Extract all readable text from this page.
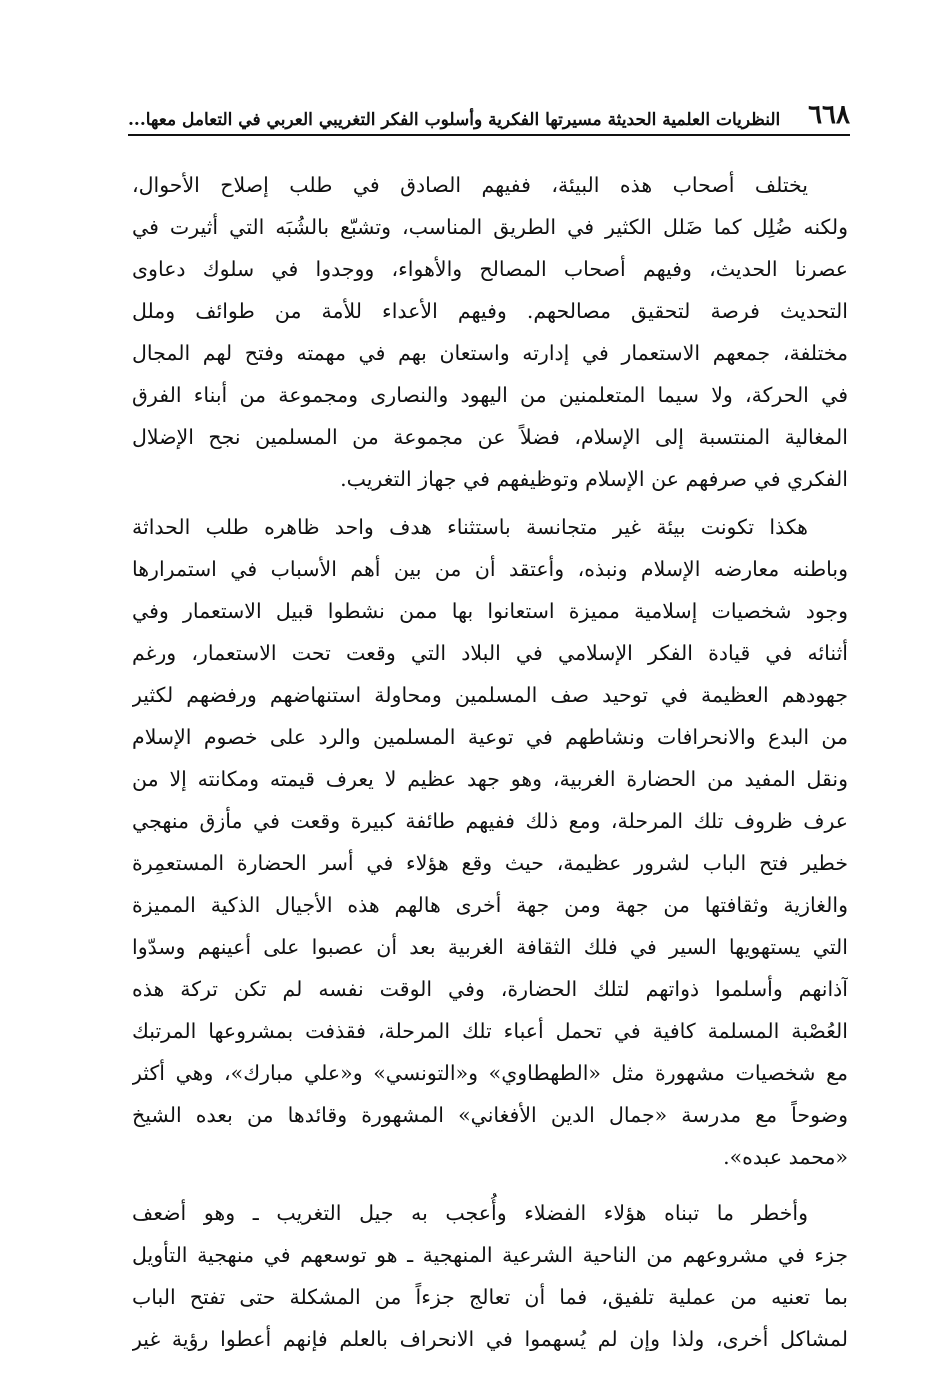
٦٦٨
النظريات العلمية الحديثة مسيرتها الفكرية وأسلوب الفكر التغريبي العربي في التعامل معها...
يختلف أصحاب هذه البيئة، ففيهم الصادق في طلب إصلاح الأحوال،
ولكنه ضُلِل كما ضَلل الكثير في الطريق المناسب، وتشبّع بالشُبَه التي أثيرت في
عصرنا الحديث، وفيهم أصحاب المصالح والأهواء، ووجدوا في سلوك دعاوى
التحديث فرصة لتحقيق مصالحهم. وفيهم الأعداء للأمة من طوائف وملل
مختلفة، جمعهم الاستعمار في إدارته واستعان بهم في مهمته وفتح لهم المجال
في الحركة، ولا سيما المتعلمنين من اليهود والنصارى ومجموعة من أبناء الفرق
المغالية المنتسبة إلى الإسلام، فضلاً عن مجموعة من المسلمين نجح الإضلال
الفكري في صرفهم عن الإسلام وتوظيفهم في جهاز التغريب.
هكذا تكونت بيئة غير متجانسة باستثناء هدف واحد ظاهره طلب الحداثة
وباطنه معارضه الإسلام ونبذه، وأعتقد أن من بين أهم الأسباب في استمرارها
وجود شخصيات إسلامية مميزة استعانوا بها ممن نشطوا قبيل الاستعمار وفي
أثنائه في قيادة الفكر الإسلامي في البلاد التي وقعت تحت الاستعمار، ورغم
جهودهم العظيمة في توحيد صف المسلمين ومحاولة استنهاضهم ورفضهم لكثير
من البدع والانحرافات ونشاطهم في توعية المسلمين والرد على خصوم الإسلام
ونقل المفيد من الحضارة الغربية، وهو جهد عظيم لا يعرف قيمته ومكانته إلا من
عرف ظروف تلك المرحلة، ومع ذلك ففيهم طائفة كبيرة وقعت في مأزق منهجي
خطير فتح الباب لشرور عظيمة، حيث وقع هؤلاء في أسر الحضارة المستعمِرة
والغازية وثقافتها من جهة ومن جهة أخرى هالهم هذه الأجيال الذكية المميزة
التي يستهويها السير في فلك الثقافة الغربية بعد أن عصبوا على أعينهم وسدّوا
آذانهم وأسلموا ذواتهم لتلك الحضارة، وفي الوقت نفسه لم تكن تركة هذه
العُصْبة المسلمة كافية في تحمل أعباء تلك المرحلة، فقذفت بمشروعها المرتبك
مع شخصيات مشهورة مثل «الطهطاوي» و«التونسي» و«علي مبارك»، وهي أكثر
وضوحاً مع مدرسة «جمال الدين الأفغاني» المشهورة وقائدها من بعده الشيخ
«محمد عبده».
وأخطر ما تبناه هؤلاء الفضلاء وأُعجب به جيل التغريب ـ وهو أضعف
جزء في مشروعهم من الناحية الشرعية المنهجية ـ هو توسعهم في منهجية التأويل
بما تعنيه من عملية تلفيق، فما أن تعالج جزءاً من المشكلة حتى تفتح الباب
لمشاكل أخرى، ولذا وإن لم يُسهموا في الانحراف بالعلم فإنهم أعطوا رؤية غير
